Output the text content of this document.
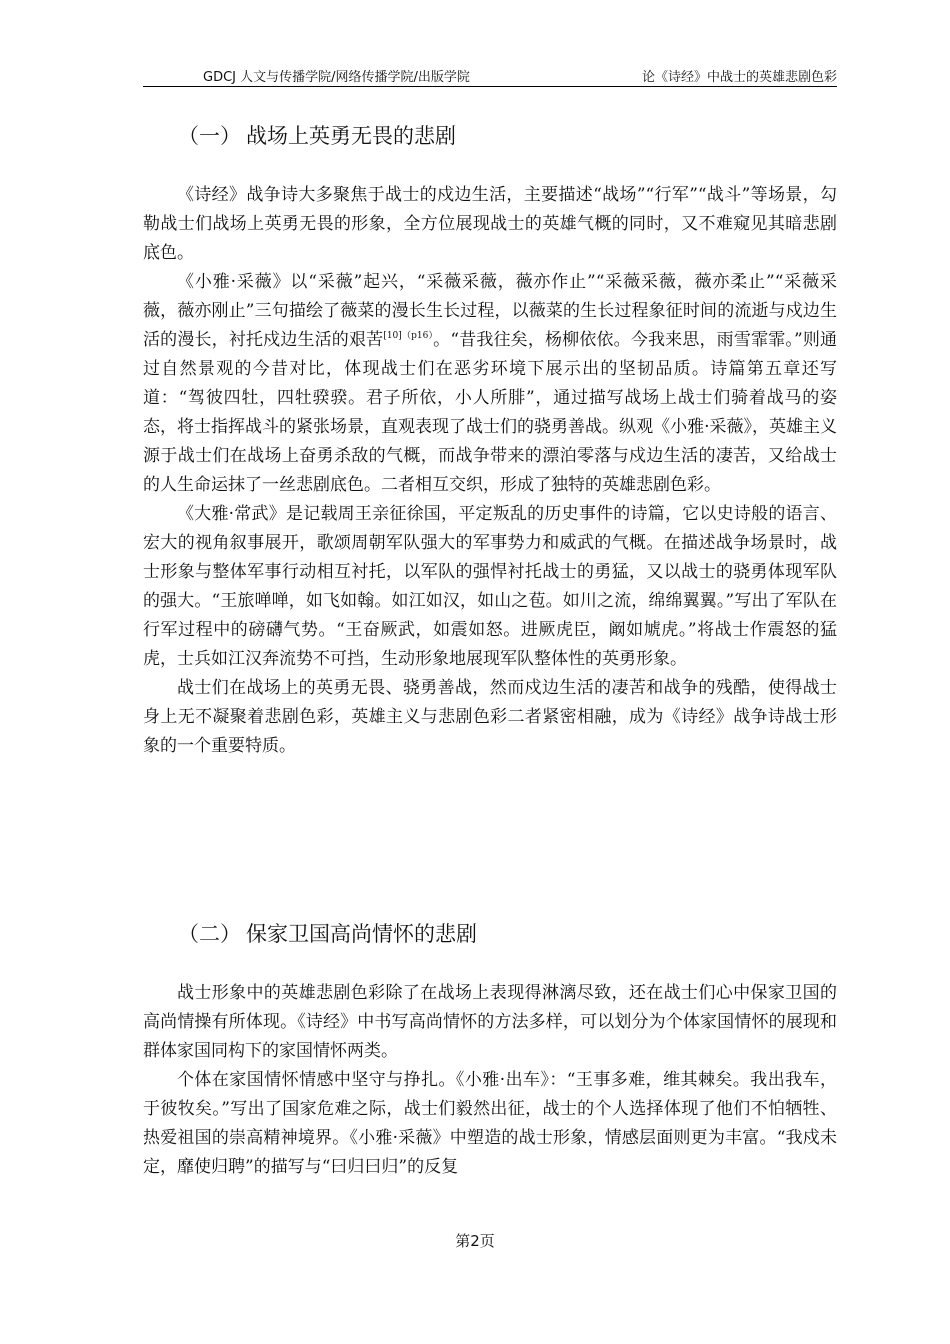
GDCJ 人文与传播学院/网络传播学院/出版学院	论《诗经》中战士的英雄悲剧色彩
（一） 战场上英勇无畏的悲剧

《诗经》战争诗大多聚焦于战士的戍边生活，主要描述“战场”“行军”“战斗”等场景，勾勒战士们战场上英勇无畏的形象，全方位展现战士的英雄气概的同时，又不难窥见其暗悲剧底色。

《小雅·采薇》以“采薇”起兴，“采薇采薇，薇亦作止”“采薇采薇，薇亦柔止”“采薇采薇，薇亦刚止”三句描绘了薇菜的漫长生长过程，以薇菜的生长过程象征时间的流逝与戍边生活的漫长，衬托戍边生活的艰苦$^{[10](p16)}$。“昔我往矣，杨柳依依。今我来思，雨雪霏霏。”则通过自然景观的今昔对比，体现战士们在恶劣环境下展示出的坚韧品质。诗篇第五章还写道：“驾彼四牡，四牡骙骙。君子所依，小人所腓”，通过描写战场上战士们骑着战马的姿态，将士指挥战斗的紧张场景，直观表现了战士们的骁勇善战。纵观《小雅·采薇》，英雄主义源于战士们在战场上奋勇杀敌的气概，而战争带来的漂泊零落与戍边生活的凄苦，又给战士的人生命运抹了一丝悲剧底色。二者相互交织，形成了独特的英雄悲剧色彩。

《大雅·常武》是记载周王亲征徐国，平定叛乱的历史事件的诗篇，它以史诗般的语言、宏大的视角叙事展开，歌颂周朝军队强大的军事势力和威武的气概。在描述战争场景时，战士形象与整体军事行动相互衬托，以军队的强悍衬托战士的勇猛，又以战士的骁勇体现军队的强大。“王旅啴啴，如飞如翰。如江如汉，如山之苞。如川之流，绵绵翼翼。”写出了军队在行军过程中的磅礴气势。“王奋厥武，如震如怒。进厥虎臣，阚如虓虎。”将战士作震怒的猛虎，士兵如江汉奔流势不可挡，生动形象地展现军队整体性的英勇形象。

战士们在战场上的英勇无畏、骁勇善战，然而戍边生活的凄苦和战争的残酷，使得战士身上无不凝聚着悲剧色彩，英雄主义与悲剧色彩二者紧密相融，成为《诗经》战争诗战士形象的一个重要特质。

（二） 保家卫国高尚情怀的悲剧

战士形象中的英雄悲剧色彩除了在战场上表现得淋漓尽致，还在战士们心中保家卫国的高尚情操有所体现。《诗经》中书写高尚情怀的方法多样，可以划分为个体家国情怀的展现和群体家国同构下的家国情怀两类。

个体在家国情怀情感中坚守与挣扎。《小雅·出车》：“王事多难，维其棘矣。我出我车，于彼牧矣。”写出了国家危难之际，战士们毅然出征，战士的个人选择体现了他们不怕牺牲、热爱祖国的崇高精神境界。《小雅·采薇》中塑造的战士形象，情感层面则更为丰富。“我戍未定，靡使归聘”的描写与“曰归曰归”的反复

第2页
